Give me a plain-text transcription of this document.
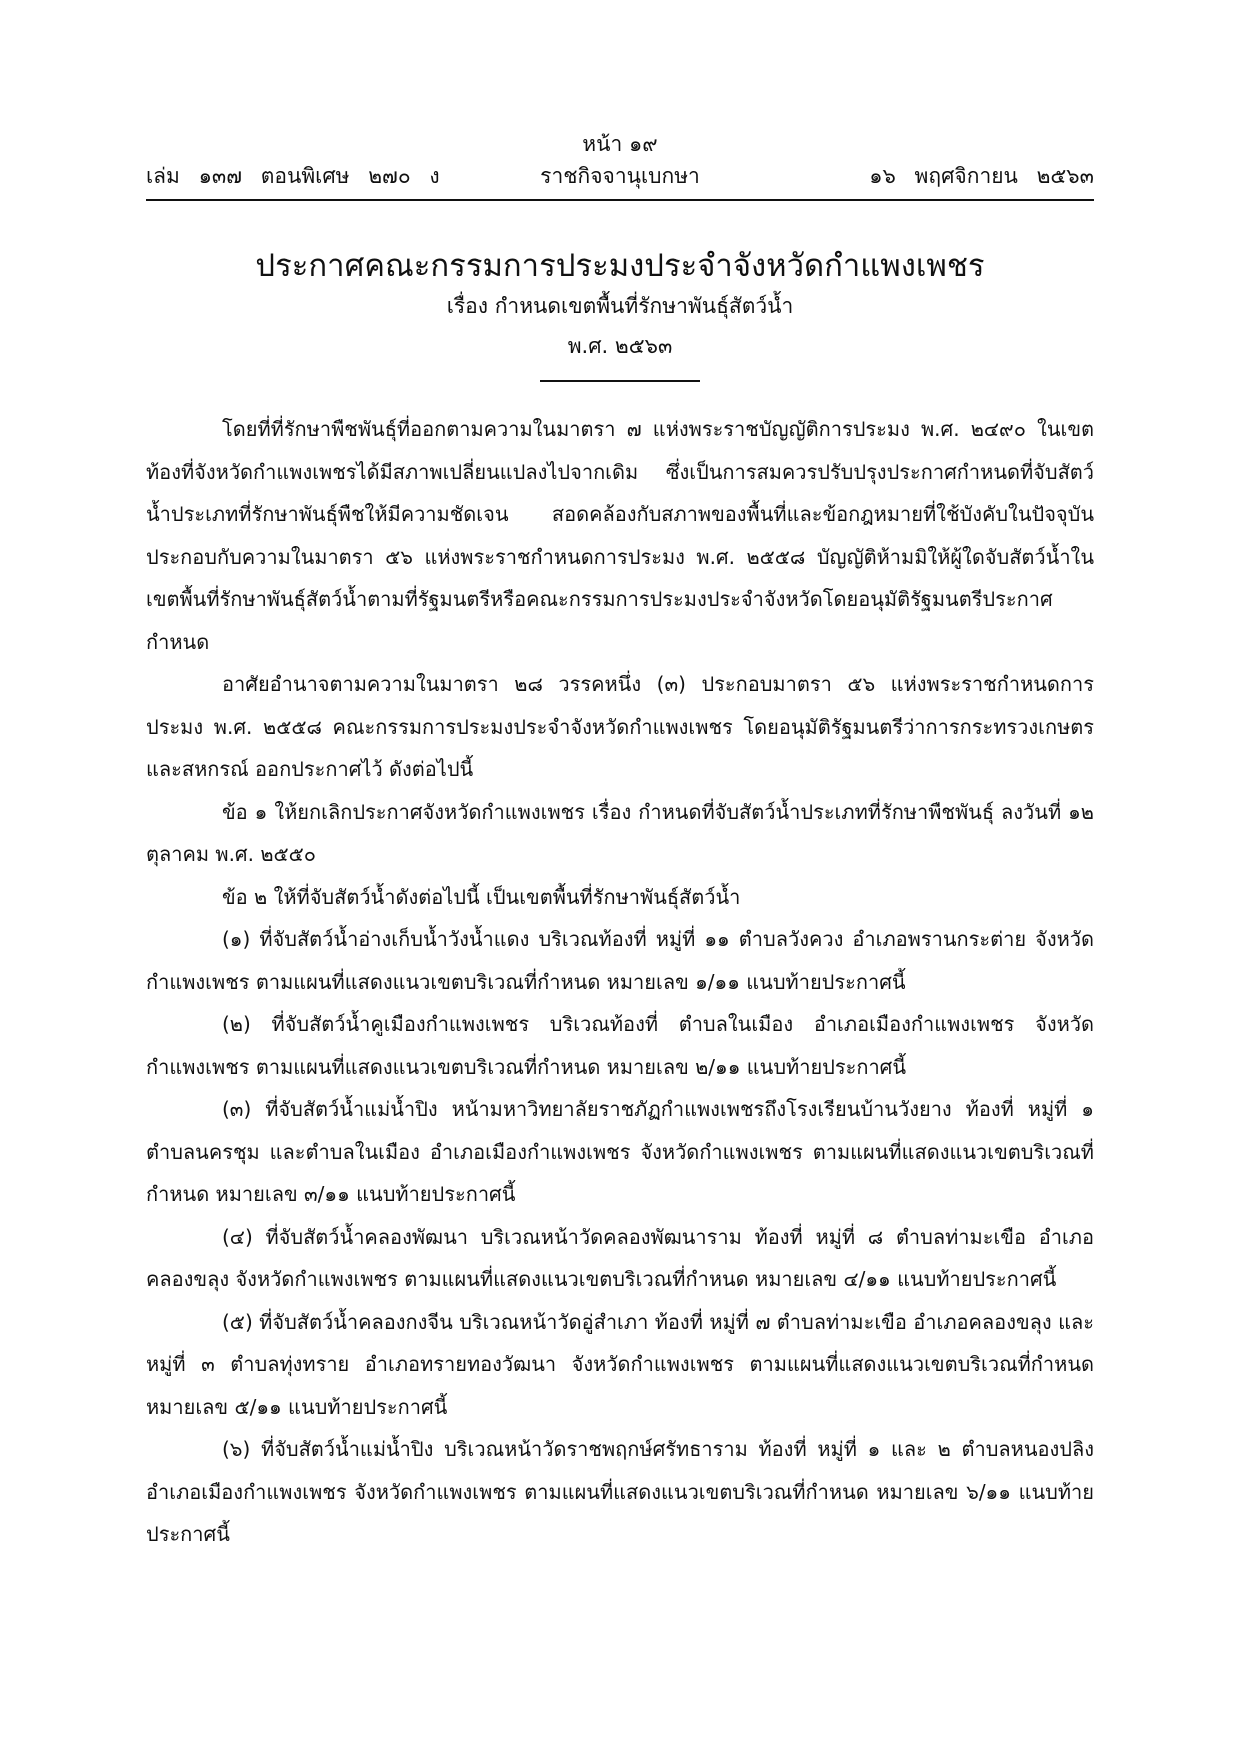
หน้า ๑๙
เล่ม ๑๓๗ ตอนพิเศษ ๒๗๐ ง	ราชกิจจานุเบกษา	๑๖ พฤศจิกายน ๒๕๖๓
ประกาศคณะกรรมการประมงประจำจังหวัดกำแพงเพชร
เรื่อง กำหนดเขตพื้นที่รักษาพันธุ์สัตว์น้ำ
พ.ศ. ๒๕๖๓

โดยที่ที่รักษาพืชพันธุ์ที่ออกตามความในมาตรา ๗ แห่งพระราชบัญญัติการประมง พ.ศ. ๒๔๙๐ ในเขตท้องที่จังหวัดกำแพงเพชรได้มีสภาพเปลี่ยนแปลงไปจากเดิม ซึ่งเป็นการสมควรปรับปรุงประกาศกำหนดที่จับสัตว์น้ำประเภทที่รักษาพันธุ์พืชให้มีความชัดเจน สอดคล้องกับสภาพของพื้นที่และข้อกฎหมายที่ใช้บังคับในปัจจุบัน ประกอบกับความในมาตรา ๕๖ แห่งพระราชกำหนดการประมง พ.ศ. ๒๕๕๘ บัญญัติห้ามมิให้ผู้ใดจับสัตว์น้ำในเขตพื้นที่รักษาพันธุ์สัตว์น้ำตามที่รัฐมนตรีหรือคณะกรรมการประมงประจำจังหวัดโดยอนุมัติรัฐมนตรีประกาศกำหนด

อาศัยอำนาจตามความในมาตรา ๒๘ วรรคหนึ่ง (๓) ประกอบมาตรา ๕๖ แห่งพระราชกำหนดการประมง พ.ศ. ๒๕๕๘ คณะกรรมการประมงประจำจังหวัดกำแพงเพชร โดยอนุมัติรัฐมนตรีว่าการกระทรวงเกษตรและสหกรณ์ ออกประกาศไว้ ดังต่อไปนี้

ข้อ ๑ ให้ยกเลิกประกาศจังหวัดกำแพงเพชร เรื่อง กำหนดที่จับสัตว์น้ำประเภทที่รักษาพืชพันธุ์ ลงวันที่ ๑๒ ตุลาคม พ.ศ. ๒๕๕๐

ข้อ ๒ ให้ที่จับสัตว์น้ำดังต่อไปนี้ เป็นเขตพื้นที่รักษาพันธุ์สัตว์น้ำ

(๑) ที่จับสัตว์น้ำอ่างเก็บน้ำวังน้ำแดง บริเวณท้องที่ หมู่ที่ ๑๑ ตำบลวังควง อำเภอพรานกระต่าย จังหวัดกำแพงเพชร ตามแผนที่แสดงแนวเขตบริเวณที่กำหนด หมายเลข ๑/๑๑ แนบท้ายประกาศนี้

(๒) ที่จับสัตว์น้ำคูเมืองกำแพงเพชร บริเวณท้องที่ ตำบลในเมือง อำเภอเมืองกำแพงเพชร จังหวัดกำแพงเพชร ตามแผนที่แสดงแนวเขตบริเวณที่กำหนด หมายเลข ๒/๑๑ แนบท้ายประกาศนี้

(๓) ที่จับสัตว์น้ำแม่น้ำปิง หน้ามหาวิทยาลัยราชภัฏกำแพงเพชรถึงโรงเรียนบ้านวังยาง ท้องที่ หมู่ที่ ๑ ตำบลนครชุม และตำบลในเมือง อำเภอเมืองกำแพงเพชร จังหวัดกำแพงเพชร ตามแผนที่แสดงแนวเขตบริเวณที่กำหนด หมายเลข ๓/๑๑ แนบท้ายประกาศนี้

(๔) ที่จับสัตว์น้ำคลองพัฒนา บริเวณหน้าวัดคลองพัฒนาราม ท้องที่ หมู่ที่ ๘ ตำบลท่ามะเขือ อำเภอคลองขลุง จังหวัดกำแพงเพชร ตามแผนที่แสดงแนวเขตบริเวณที่กำหนด หมายเลข ๔/๑๑ แนบท้ายประกาศนี้

(๕) ที่จับสัตว์น้ำคลองกงจีน บริเวณหน้าวัดอู่สำเภา ท้องที่ หมู่ที่ ๗ ตำบลท่ามะเขือ อำเภอคลองขลุง และหมู่ที่ ๓ ตำบลทุ่งทราย อำเภอทรายทองวัฒนา จังหวัดกำแพงเพชร ตามแผนที่แสดงแนวเขตบริเวณที่กำหนด หมายเลข ๕/๑๑ แนบท้ายประกาศนี้

(๖) ที่จับสัตว์น้ำแม่น้ำปิง บริเวณหน้าวัดราชพฤกษ์ศรัทธาราม ท้องที่ หมู่ที่ ๑ และ ๒ ตำบลหนองปลิง อำเภอเมืองกำแพงเพชร จังหวัดกำแพงเพชร ตามแผนที่แสดงแนวเขตบริเวณที่กำหนด หมายเลข ๖/๑๑ แนบท้ายประกาศนี้
